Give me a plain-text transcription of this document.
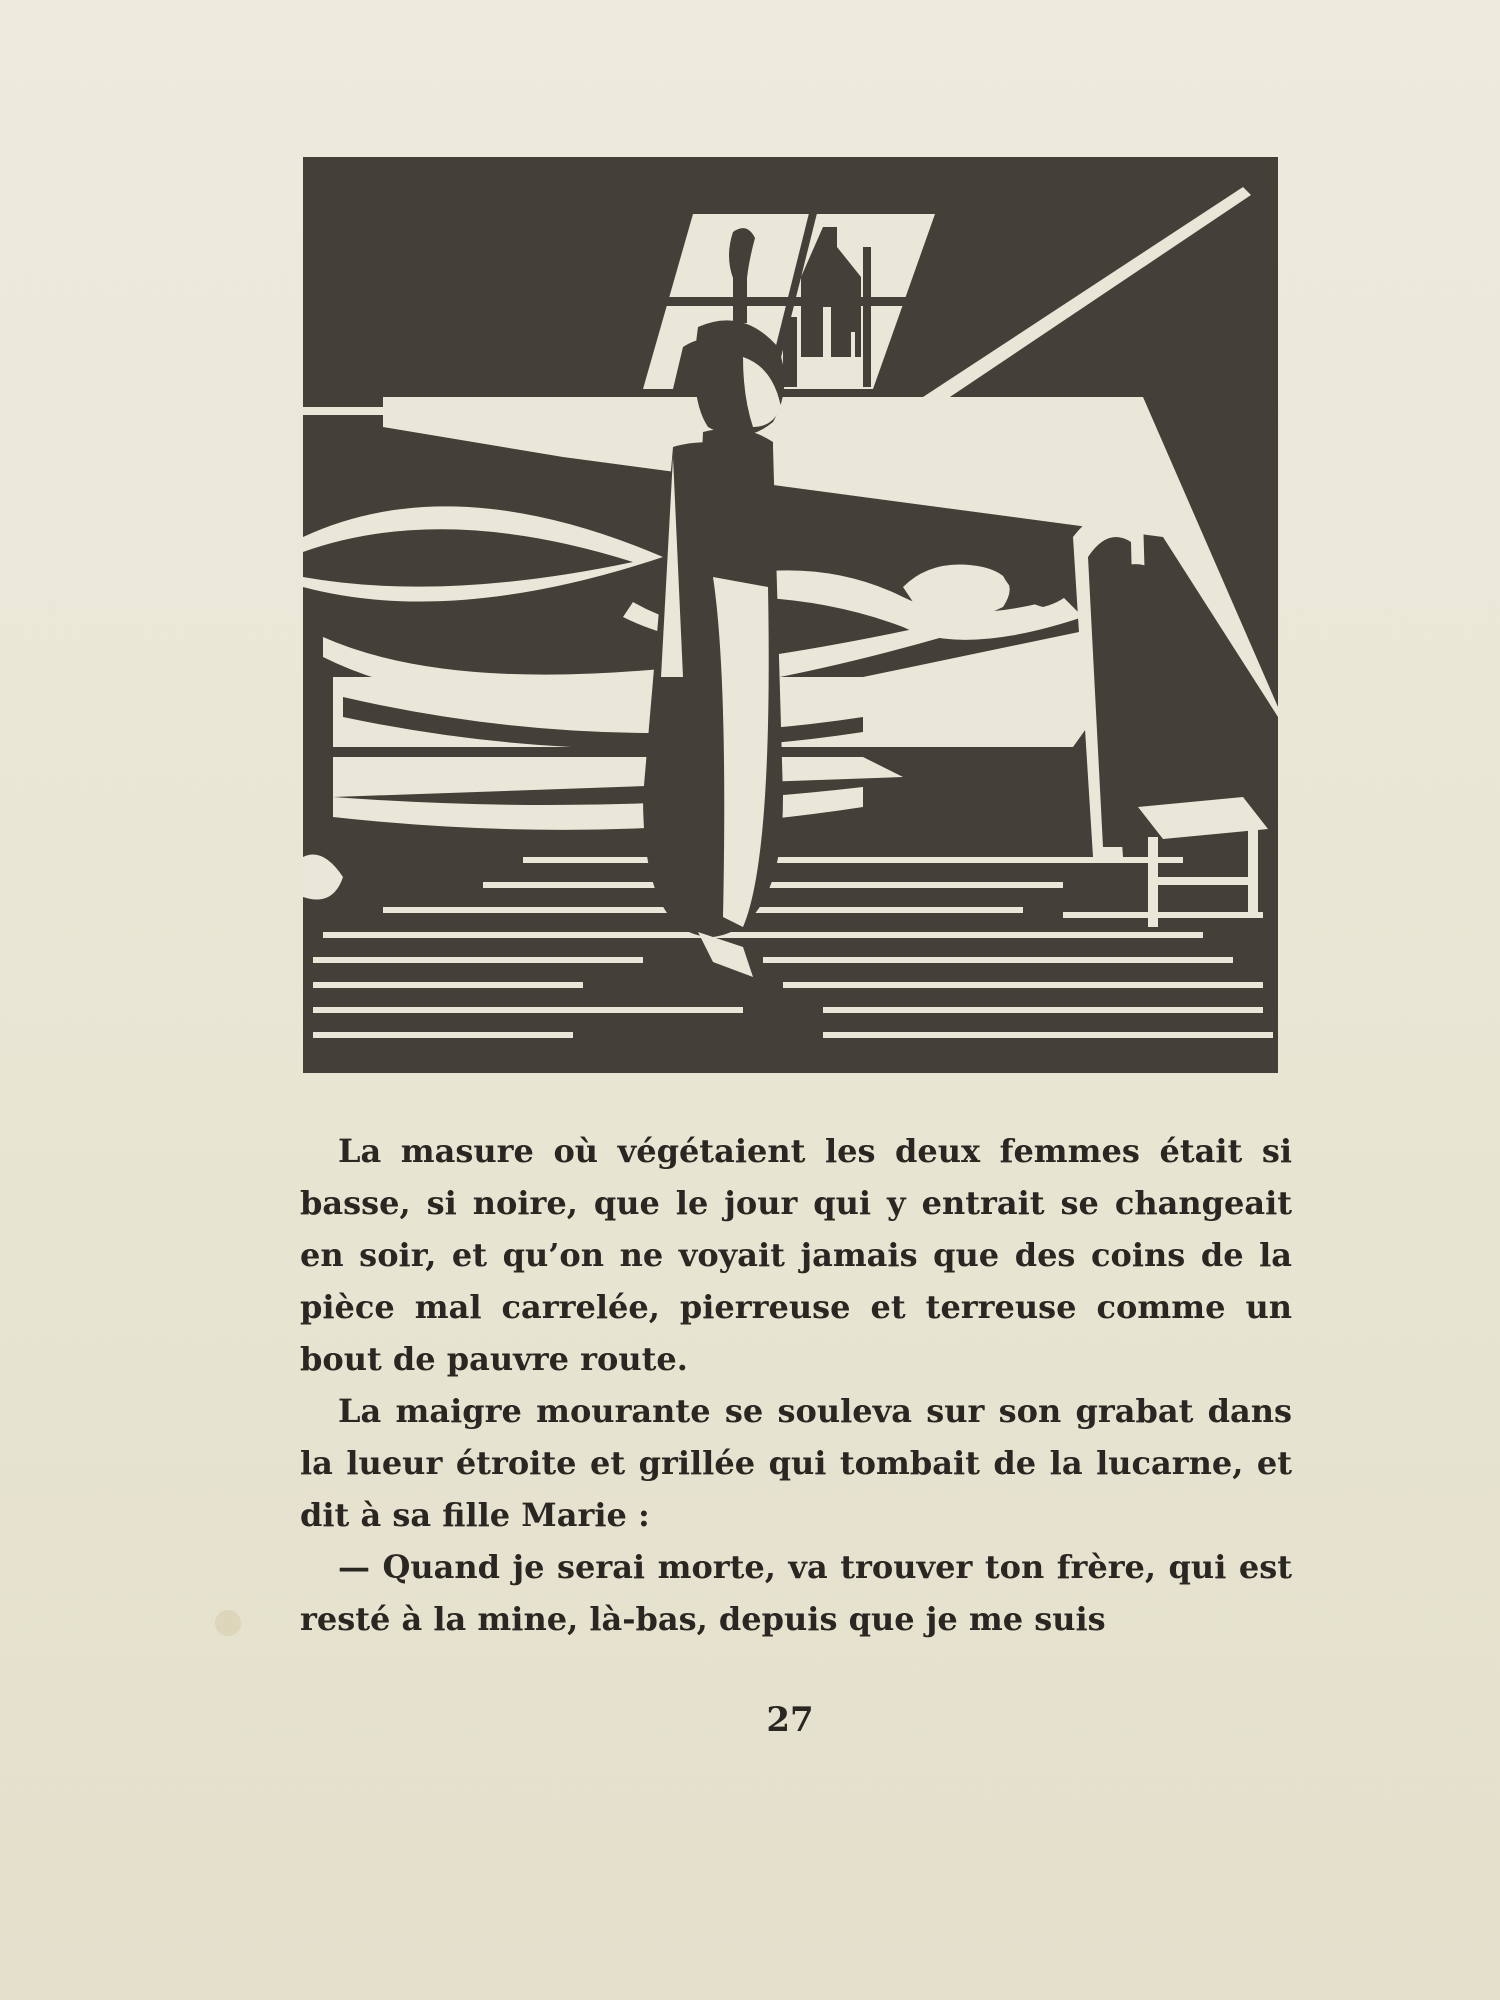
La masure où végétaient les deux femmes était si basse, si noire, que le jour qui y entrait se changeait en soir, et qu’on ne voyait jamais que des coins de la pièce mal carrelée, pierreuse et terreuse comme un bout de pauvre route.

La maigre mourante se souleva sur son grabat dans la lueur étroite et grillée qui tombait de la lucarne, et dit à sa fille Marie :

— Quand je serai morte, va trouver ton frère, qui est resté à la mine, là-bas, depuis que je me suis

27
